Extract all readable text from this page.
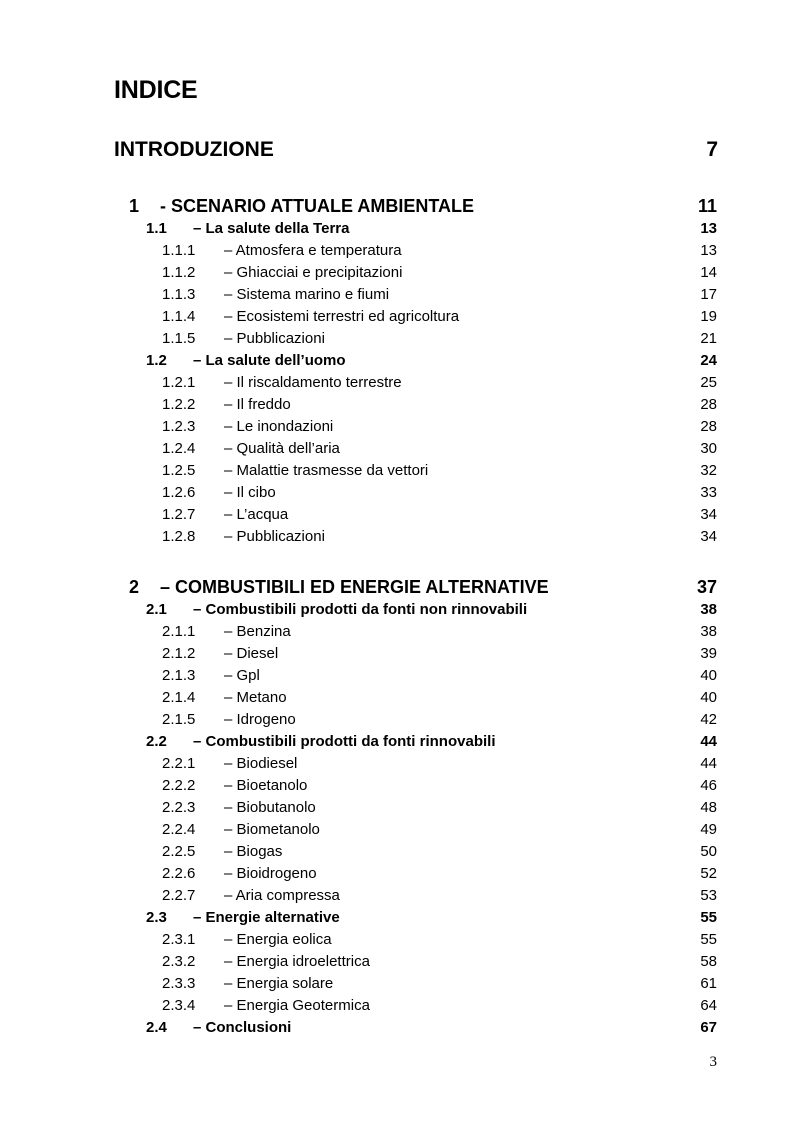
INDICE
INTRODUZIONE	7
1 - SCENARIO ATTUALE AMBIENTALE	11
1.1 – La salute della Terra	13
1.1.1 – Atmosfera e temperatura	13
1.1.2 – Ghiacciai e precipitazioni	14
1.1.3 – Sistema marino e fiumi	17
1.1.4 – Ecosistemi terrestri ed agricoltura	19
1.1.5 – Pubblicazioni	21
1.2 – La salute dell’uomo	24
1.2.1 – Il riscaldamento terrestre	25
1.2.2 – Il freddo	28
1.2.3 – Le inondazioni	28
1.2.4 – Qualità dell’aria	30
1.2.5 – Malattie trasmesse da vettori	32
1.2.6 – Il cibo	33
1.2.7 – L’acqua	34
1.2.8 – Pubblicazioni	34
2 – COMBUSTIBILI ED ENERGIE ALTERNATIVE	37
2.1 – Combustibili prodotti da fonti non rinnovabili	38
2.1.1 – Benzina	38
2.1.2 – Diesel	39
2.1.3 – Gpl	40
2.1.4 – Metano	40
2.1.5 – Idrogeno	42
2.2 – Combustibili prodotti da fonti rinnovabili	44
2.2.1 – Biodiesel	44
2.2.2 – Bioetanolo	46
2.2.3 – Biobutanolo	48
2.2.4 – Biometanolo	49
2.2.5 – Biogas	50
2.2.6 – Bioidrogeno	52
2.2.7 – Aria compressa	53
2.3 – Energie alternative	55
2.3.1 – Energia eolica	55
2.3.2 – Energia idroelettrica	58
2.3.3 – Energia solare	61
2.3.4 – Energia Geotermica	64
2.4 – Conclusioni	67
3
